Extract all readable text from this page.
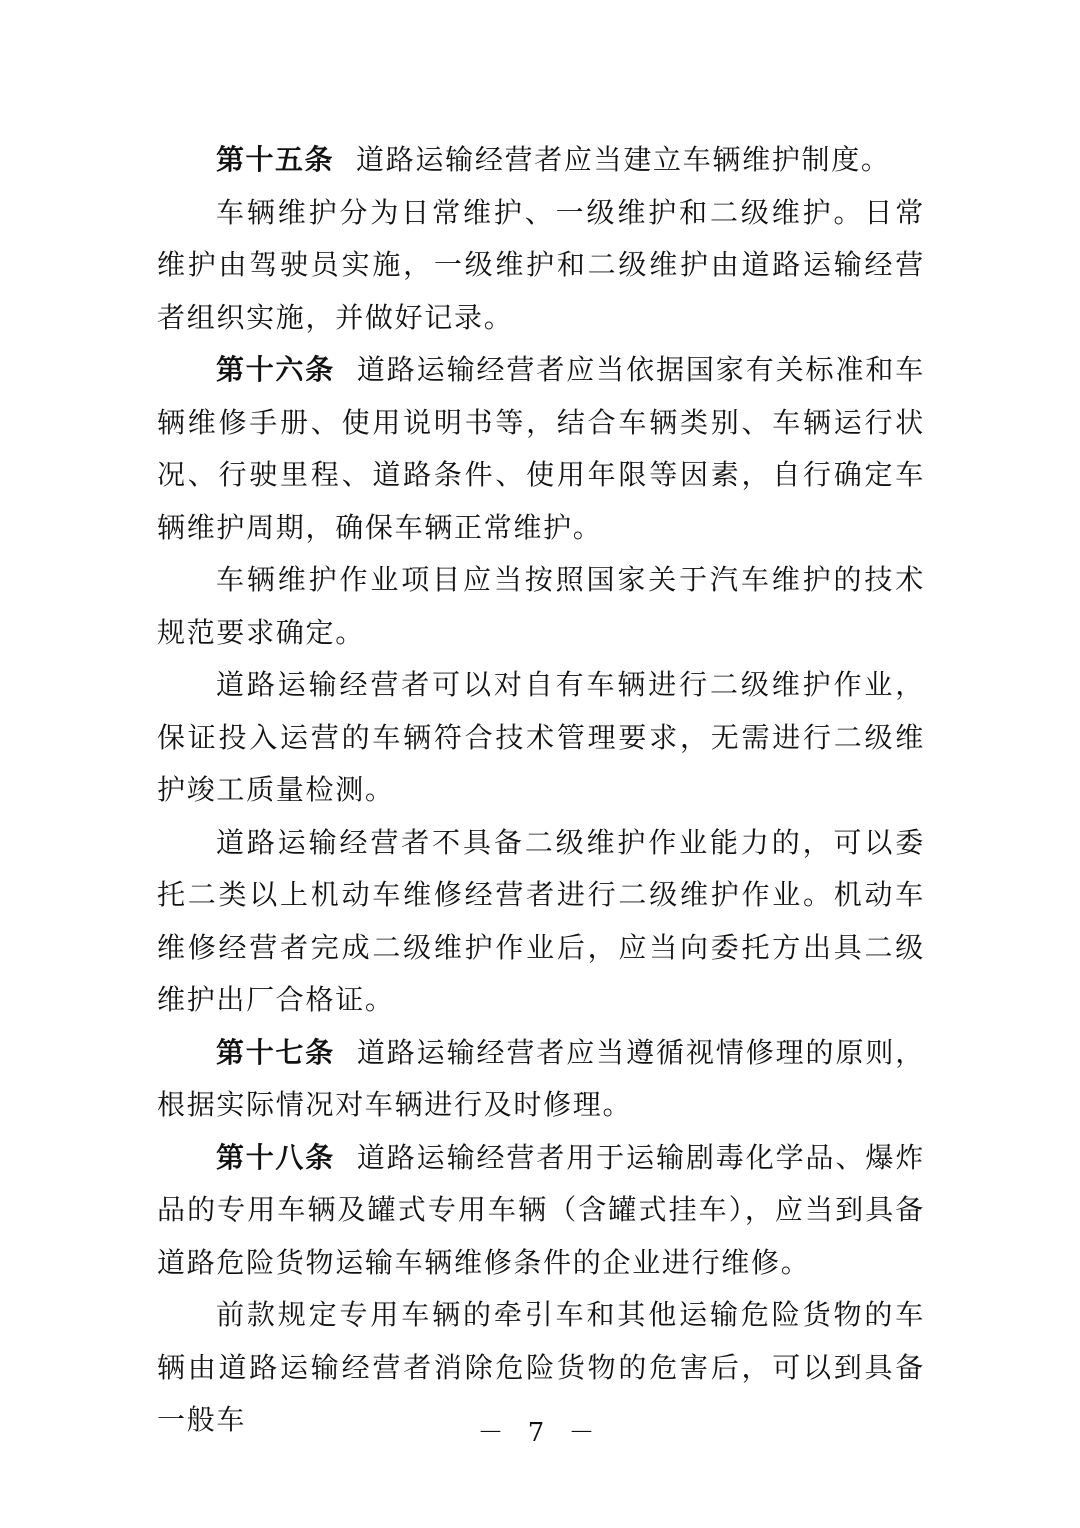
第十五条 道路运输经营者应当建立车辆维护制度。

车辆维护分为日常维护、一级维护和二级维护。日常维护由驾驶员实施，一级维护和二级维护由道路运输经营者组织实施，并做好记录。

第十六条 道路运输经营者应当依据国家有关标准和车辆维修手册、使用说明书等，结合车辆类别、车辆运行状况、行驶里程、道路条件、使用年限等因素，自行确定车辆维护周期，确保车辆正常维护。

车辆维护作业项目应当按照国家关于汽车维护的技术规范要求确定。

道路运输经营者可以对自有车辆进行二级维护作业，保证投入运营的车辆符合技术管理要求，无需进行二级维护竣工质量检测。

道路运输经营者不具备二级维护作业能力的，可以委托二类以上机动车维修经营者进行二级维护作业。机动车维修经营者完成二级维护作业后，应当向委托方出具二级维护出厂合格证。

第十七条 道路运输经营者应当遵循视情修理的原则，根据实际情况对车辆进行及时修理。

第十八条 道路运输经营者用于运输剧毒化学品、爆炸品的专用车辆及罐式专用车辆（含罐式挂车），应当到具备道路危险货物运输车辆维修条件的企业进行维修。

前款规定专用车辆的牵引车和其他运输危险货物的车辆由道路运输经营者消除危险货物的危害后，可以到具备一般车	－ 7 －
